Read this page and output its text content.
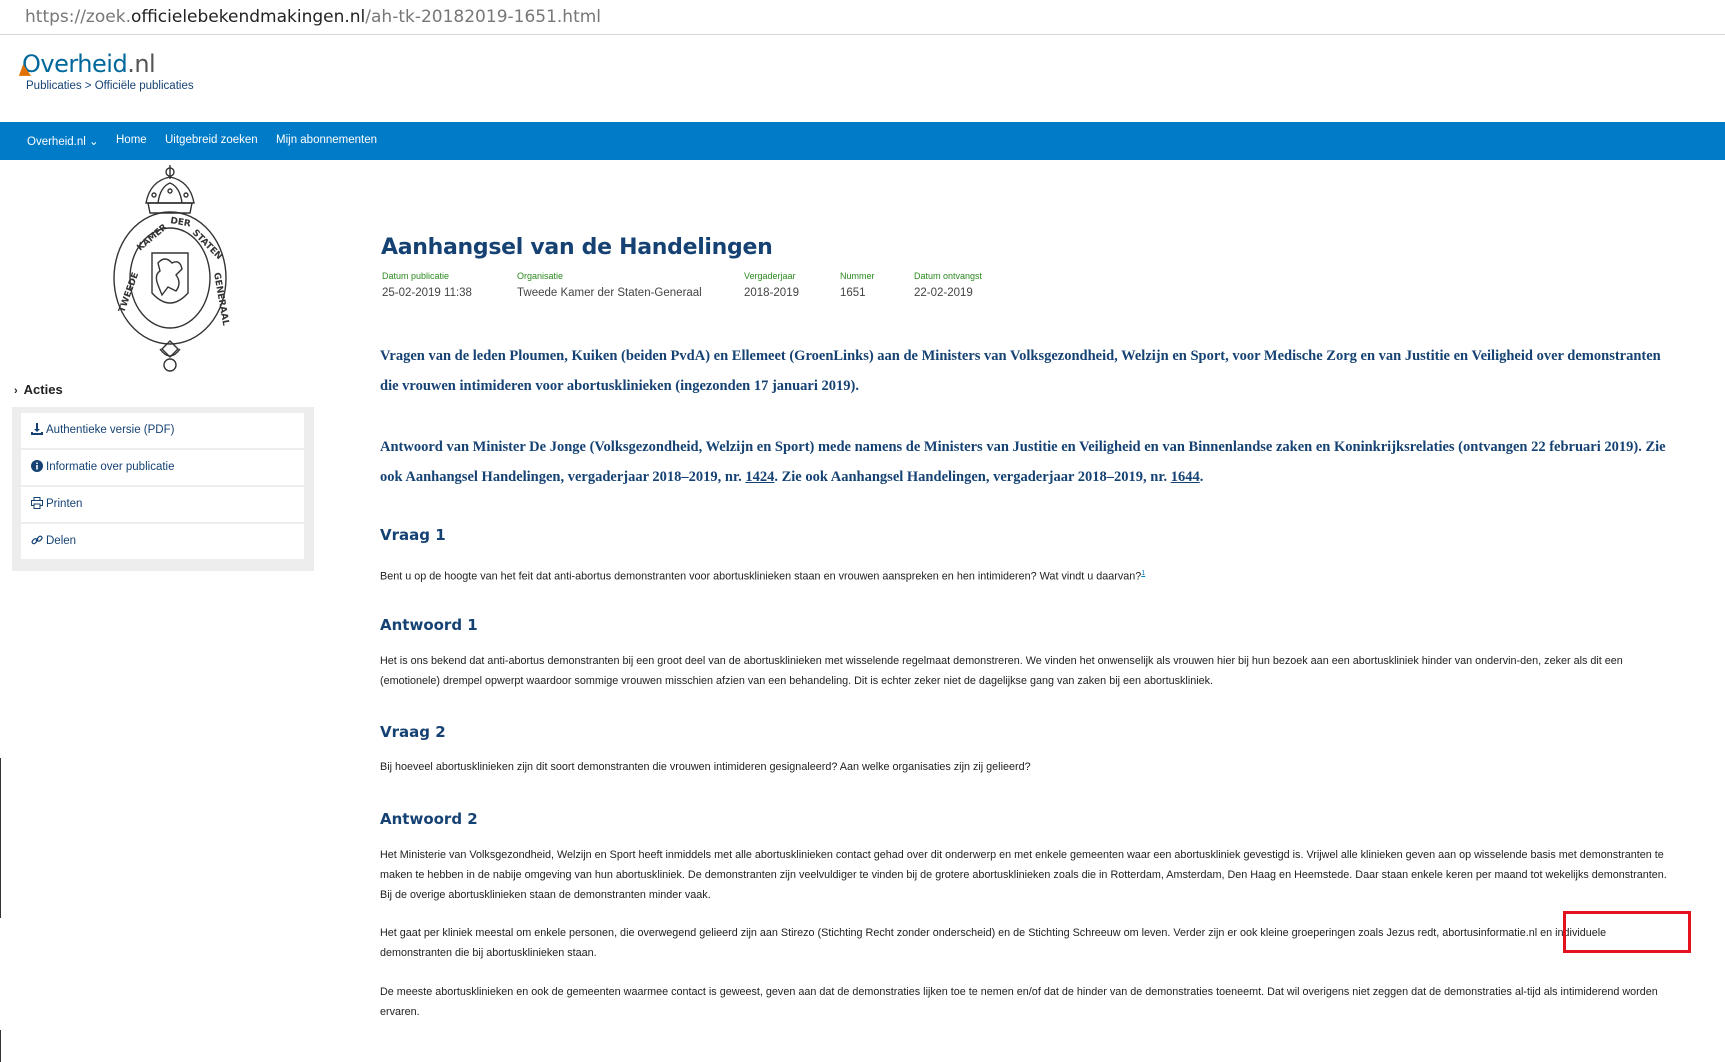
https://zoek.officielebekendmakingen.nl/ah-tk-20182019-1651.html
Overheid.nl
Publicaties > Officiële publicaties
Overheid.nl ⌄ Home Uitgebreid zoeken Mijn abonnementen
TWEEDE
KAMER DER
STATEN
GENERAAL
› Acties
Authentieke versie (PDF)
Informatie over publicatie
Printen
Delen
Aanhangsel van de Handelingen
Datum publicatie
25-02-2019 11:38
Organisatie
Tweede Kamer der Staten-Generaal
Vergaderjaar
2018-2019
Nummer
1651
Datum ontvangst
22-02-2019
Vragen van de leden Ploumen, Kuiken (beiden PvdA) en Ellemeet (GroenLinks) aan de Ministers van Volksgezondheid, Welzijn en Sport, voor Medische Zorg en van Justitie en Veiligheid over demonstranten die vrouwen intimideren voor abortusklinieken (ingezonden 17 januari 2019).
Antwoord van Minister De Jonge (Volksgezondheid, Welzijn en Sport) mede namens de Ministers van Justitie en Veiligheid en van Binnenlandse zaken en Koninkrijksrelaties (ontvangen 22 februari 2019). Zie ook Aanhangsel Handelingen, vergaderjaar 2018–2019, nr. 1424. Zie ook Aanhangsel Handelingen, vergaderjaar 2018–2019, nr. 1644.
Vraag 1
Bent u op de hoogte van het feit dat anti-abortus demonstranten voor abortusklinieken staan en vrouwen aanspreken en hen intimideren? Wat vindt u daarvan?$^1$
Antwoord 1
Het is ons bekend dat anti-abortus demonstranten bij een groot deel van de abortusklinieken met wisselende regelmaat demonstreren. We vinden het onwenselijk als vrouwen hier bij hun bezoek aan een abortuskliniek hinder van ondervin-den, zeker als dit een (emotionele) drempel opwerpt waardoor sommige vrouwen misschien afzien van een behandeling. Dit is echter zeker niet de dagelijkse gang van zaken bij een abortuskliniek.
Vraag 2
Bij hoeveel abortusklinieken zijn dit soort demonstranten die vrouwen intimideren gesignaleerd? Aan welke organisaties zijn zij gelieerd?
Antwoord 2
Het Ministerie van Volksgezondheid, Welzijn en Sport heeft inmiddels met alle abortusklinieken contact gehad over dit onderwerp en met enkele gemeenten waar een abortuskliniek gevestigd is. Vrijwel alle klinieken geven aan op wisselende basis met demonstranten te maken te hebben in de nabije omgeving van hun abortuskliniek. De demonstranten zijn veelvuldiger te vinden bij de grotere abortusklinieken zoals die in Rotterdam, Amsterdam, Den Haag en Heemstede. Daar staan enkele keren per maand tot wekelijks demonstranten. Bij de overige abortusklinieken staan de demonstranten minder vaak.
Het gaat per kliniek meestal om enkele personen, die overwegend gelieerd zijn aan Stirezo (Stichting Recht zonder onderscheid) en de Stichting Schreeuw om leven. Verder zijn er ook kleine groeperingen zoals Jezus redt, abortusinformatie.nl en individuele demonstranten die bij abortusklinieken staan.
De meeste abortusklinieken en ook de gemeenten waarmee contact is geweest, geven aan dat de demonstraties lijken toe te nemen en/of dat de hinder van de demonstraties toeneemt. Dat wil overigens niet zeggen dat de demonstraties al-tijd als intimiderend worden ervaren.
